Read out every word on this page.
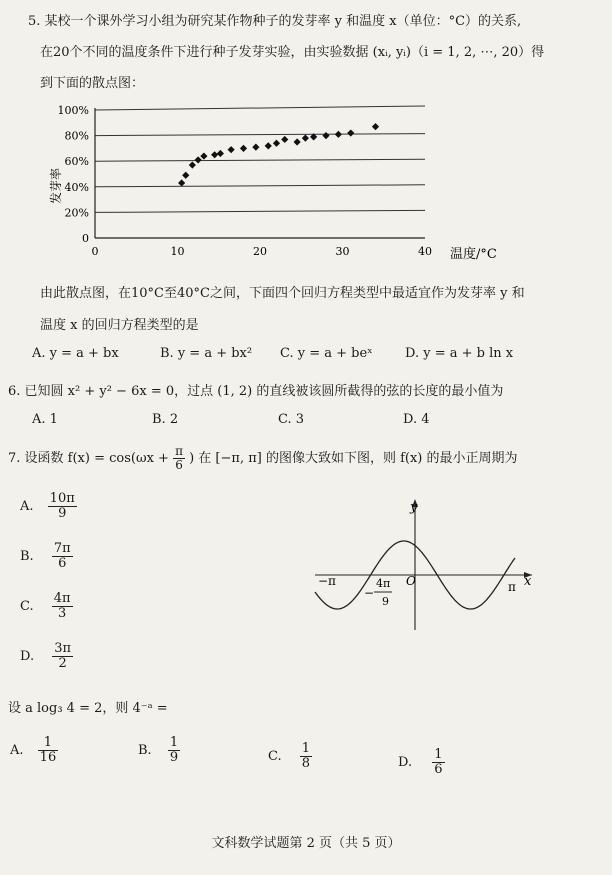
5. 某校一个课外学习小组为研究某作物种子的发芽率 y 和温度 x（单位：°C）的关系,
在20个不同的温度条件下进行种子发芽实验，由实验数据 (xᵢ, yᵢ)（i = 1, 2, ⋯, 20）得
到下面的散点图：
发芽率
温度/°C
0
20%
40%
60%
80%
100%
0	10	20	30	40
由此散点图，在10°C至40°C之间，下面四个回归方程类型中最适宜作为发芽率 y 和
温度 x 的回归方程类型的是
A. y = a + bx	B. y = a + bx² C. y = a + beˣ D. y = a + b ln x
6. 已知圆 x² + y² − 6x = 0，过点 (1, 2) 的直线被该圆所截得的弦的长度的最小值为
A. 1	B. 2	C. 3	D. 4
7. 设函数 $f(x) = \cos(\omega x + \frac{\pi}{6}$ ) 在 [−π, π] 的图像大致如下图，则 f(x) 的最小正周期为
A. $\frac{10\pi}{9}$
B. $\frac{7\pi}{6}$
C. $\frac{4\pi}{3}$
D. $\frac{3\pi}{2}$
y
x
O
−π	π
4π
9
−
设 a log₃ 4 = 2，则 4⁻ᵃ =
A. $\frac{1}{16}$	B. $\frac{1}{9}$	C. $\frac{1}{8}$	D. $\frac{1}{6}$
文科数学试题第 2 页（共 5 页）
